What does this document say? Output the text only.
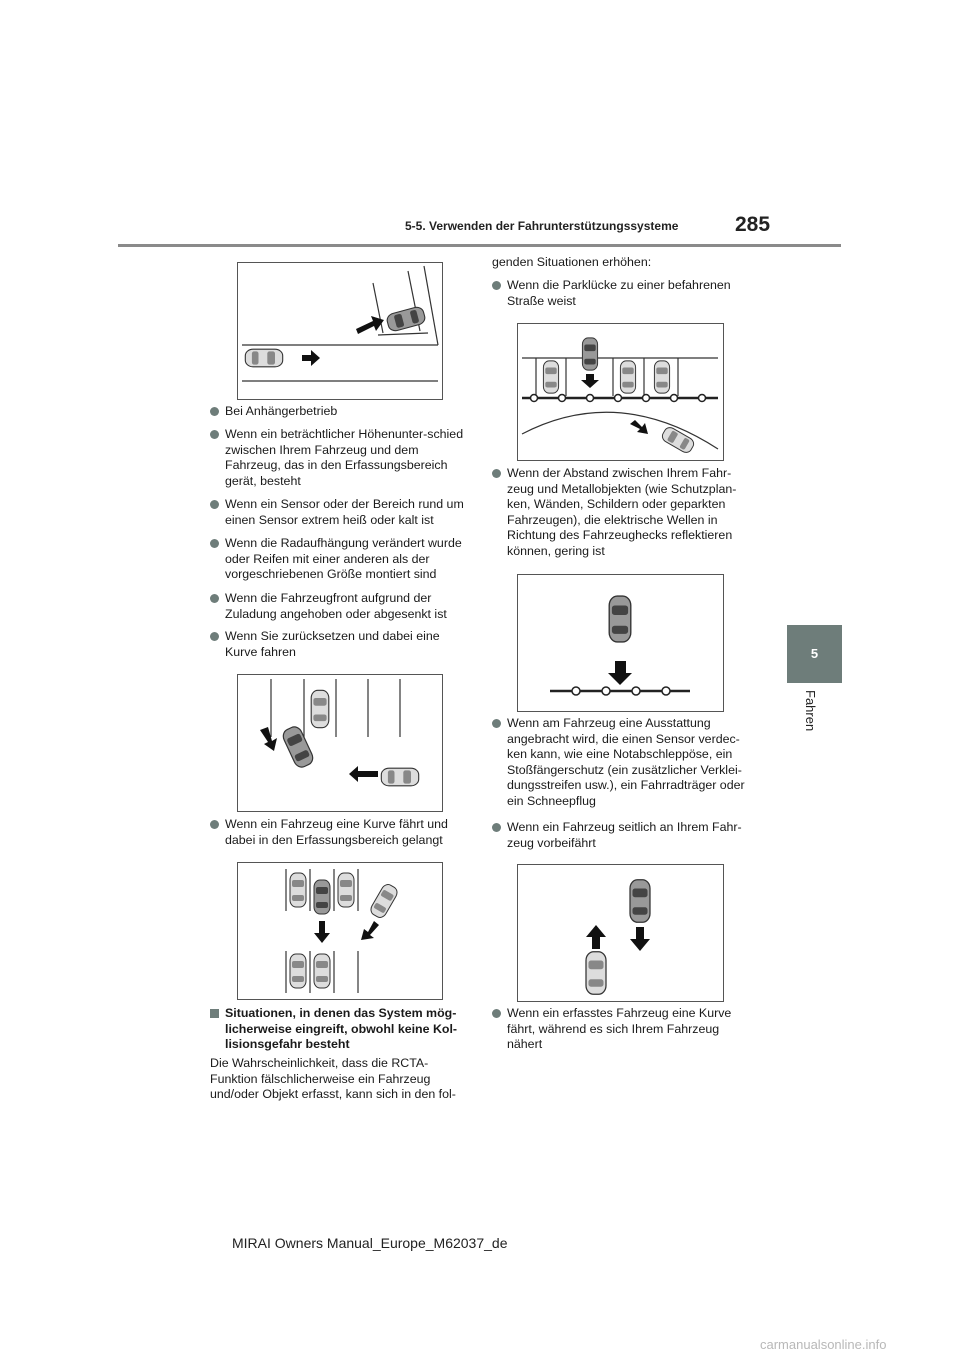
5-5. Verwenden der Fahrunterstützungssysteme	285
5
Fahren
Bei Anhängerbetrieb
Wenn ein beträchtlicher Höhenunter-schied zwischen Ihrem Fahrzeug und dem Fahrzeug, das in den Erfassungsbereich gerät, besteht
Wenn ein Sensor oder der Bereich rund um einen Sensor extrem heiß oder kalt ist
Wenn die Radaufhängung verändert wurde oder Reifen mit einer anderen als der vorgeschriebenen Größe montiert sind
Wenn die Fahrzeugfront aufgrund der Zuladung angehoben oder abgesenkt ist
Wenn Sie zurücksetzen und dabei eine Kurve fahren
Wenn ein Fahrzeug eine Kurve fährt und dabei in den Erfassungsbereich gelangt
Situationen, in denen das System mög-licherweise eingreift, obwohl keine Kol-lisionsgefahr besteht
Die Wahrscheinlichkeit, dass die RCTA-Funktion fälschlicherweise ein Fahrzeug und/oder Objekt erfasst, kann sich in den fol-
genden Situationen erhöhen:
Wenn die Parklücke zu einer befahrenen Straße weist
Wenn der Abstand zwischen Ihrem Fahr-zeug und Metallobjekten (wie Schutzplan-ken, Wänden, Schildern oder geparkten Fahrzeugen), die elektrische Wellen in Richtung des Fahrzeughecks reflektieren können, gering ist
Wenn am Fahrzeug eine Ausstattung angebracht wird, die einen Sensor verdec-ken kann, wie eine Notabschleppöse, ein Stoßfängerschutz (ein zusätzlicher Verklei-dungsstreifen usw.), ein Fahrradträger oder ein Schneepflug
Wenn ein Fahrzeug seitlich an Ihrem Fahr-zeug vorbeifährt
Wenn ein erfasstes Fahrzeug eine Kurve fährt, während es sich Ihrem Fahrzeug nähert
MIRAI Owners Manual_Europe_M62037_de
carmanualsonline.info
